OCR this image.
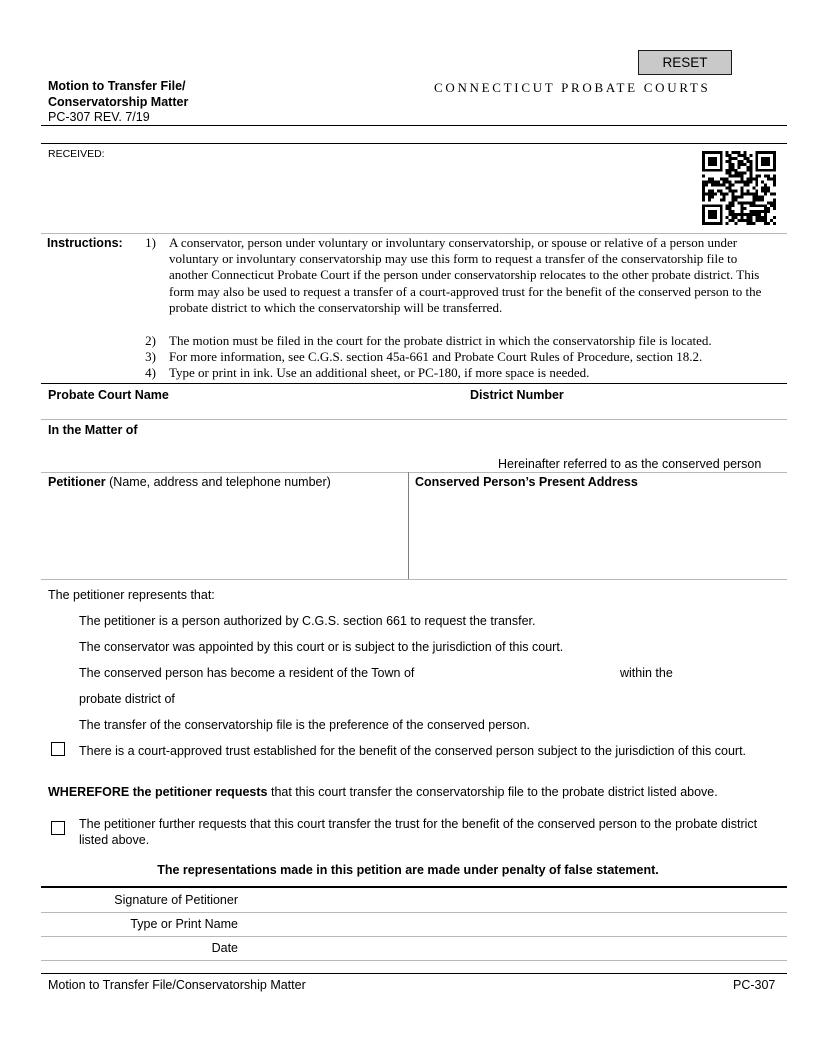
RESET
CONNECTICUT PROBATE COURTS
Motion to Transfer File/
Conservatorship Matter
PC-307 REV. 7/19
RECEIVED:
Instructions:	1) A conservator, person under voluntary or involuntary conservatorship, or spouse or relative of a person under voluntary or involuntary conservatorship may use this form to request a transfer of the conservatorship file to another Connecticut Probate Court if the person under conservatorship relocates to the other probate district. This form may also be used to request a transfer of a court-approved trust for the benefit of the conserved person to the probate district to which the conservatorship will be transferred.
2) The motion must be filed in the court for the probate district in which the conservatorship file is located.
3) For more information, see C.G.S. section 45a-661 and Probate Court Rules of Procedure, section 18.2.
4) Type or print in ink. Use an additional sheet, or PC-180, if more space is needed.
Probate Court Name	District Number
In the Matter of
Hereinafter referred to as the conserved person
Petitioner (Name, address and telephone number)	Conserved Person’s Present Address
The petitioner represents that:
The petitioner is a person authorized by C.G.S. section 661 to request the transfer.
The conservator was appointed by this court or is subject to the jurisdiction of this court.
The conserved person has become a resident of the Town of	within the
probate district of
The transfer of the conservatorship file is the preference of the conserved person.
There is a court-approved trust established for the benefit of the conserved person subject to the jurisdiction of this court.
WHEREFORE the petitioner requests that this court transfer the conservatorship file to the probate district listed above.
The petitioner further requests that this court transfer the trust for the benefit of the conserved person to the probate district listed above.
The representations made in this petition are made under penalty of false statement.
Signature of Petitioner
Type or Print Name
Date
Motion to Transfer File/Conservatorship Matter	PC-307
